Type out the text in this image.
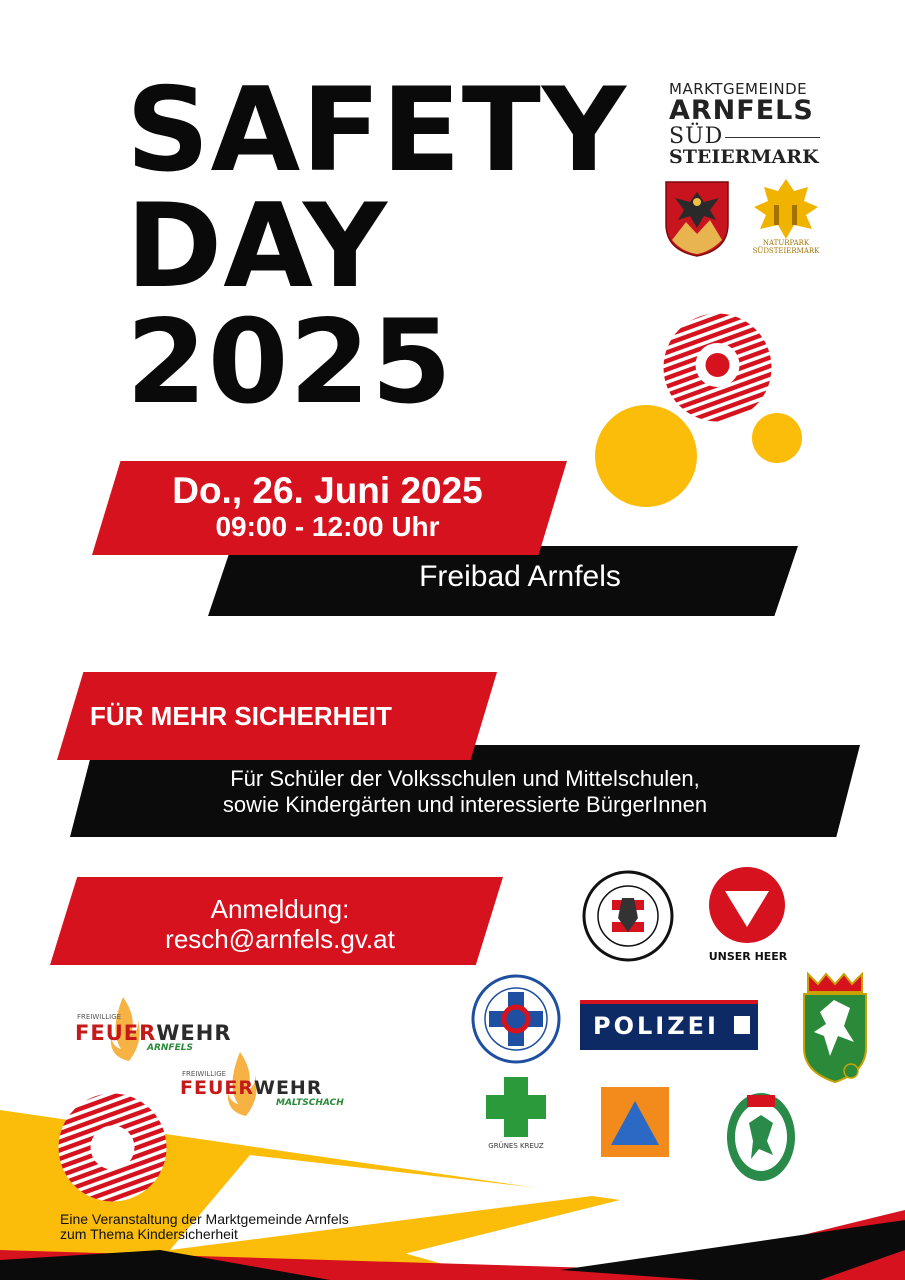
SAFETY
DAY
2025
MARKTGEMEINDE
ARNFELS
SÜD
STEIERMARK
NATURPARK
SÜDSTEIERMARK
Freibad Arnfels
Do., 26. Juni 2025
09:00 - 12:00 Uhr
Für Schüler der Volksschulen und Mittelschulen,
sowie Kindergärten und interessierte BürgerInnen
FÜR MEHR SICHERHEIT
Anmeldung:
resch@arnfels.gv.at
UNSER HEER
POLIZEI
GRÜNES KREUZ
FREIWILLIGE
FEUERWEHR
ARNFELS
FREIWILLIGE
FEUERWEHR
MALTSCHACH
Eine Veranstaltung der Marktgemeinde Arnfels
zum Thema Kindersicherheit
